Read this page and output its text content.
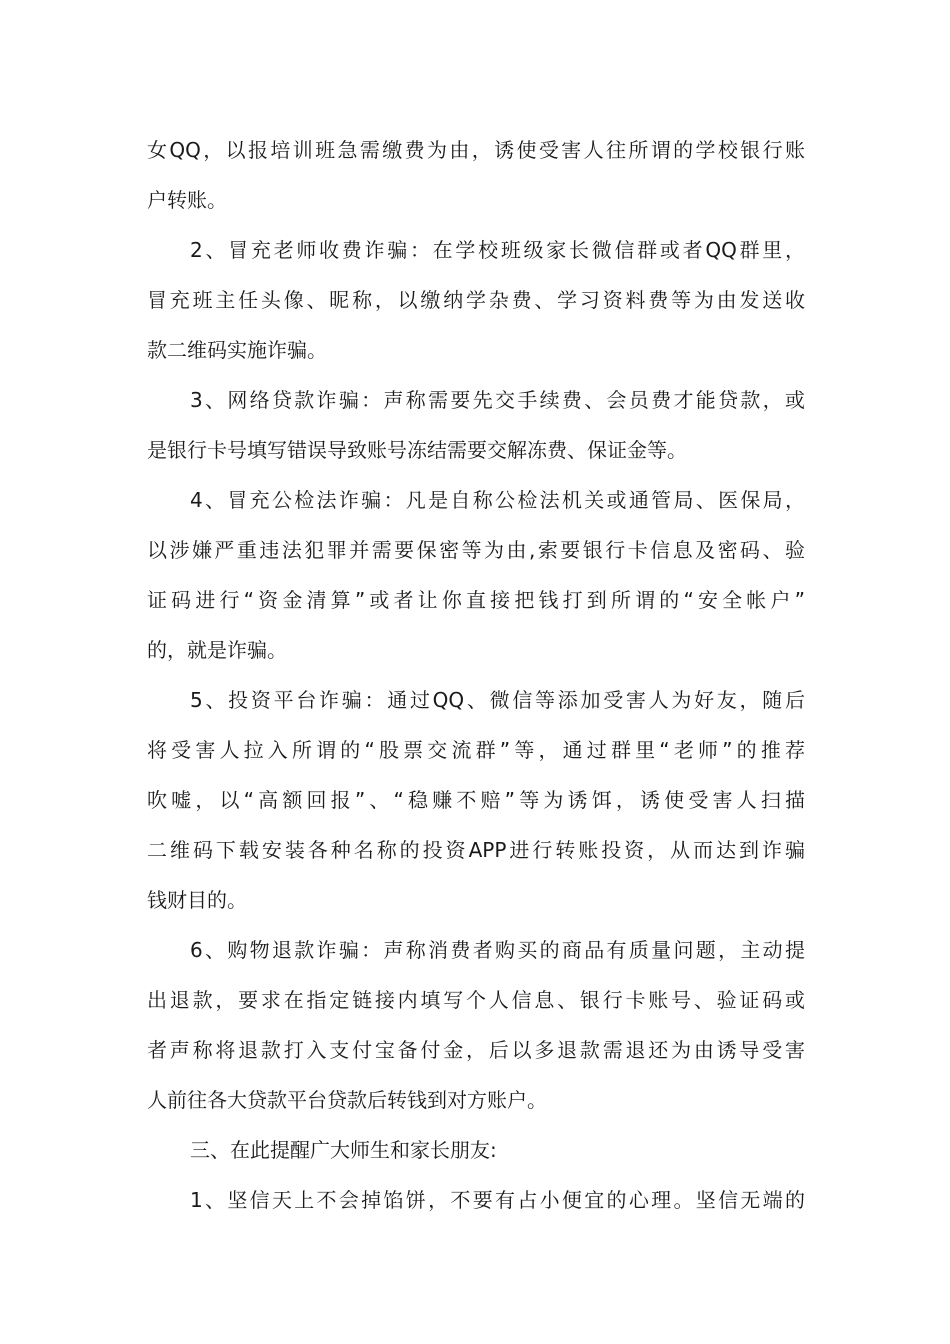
女QQ，以报培训班急需缴费为由，诱使受害人往所谓的学校银行账
户转账。
2、冒充老师收费诈骗：在学校班级家长微信群或者QQ群里，
冒充班主任头像、昵称，以缴纳学杂费、学习资料费等为由发送收
款二维码实施诈骗。
3、网络贷款诈骗：声称需要先交手续费、会员费才能贷款，或
是银行卡号填写错误导致账号冻结需要交解冻费、保证金等。
4、冒充公检法诈骗：凡是自称公检法机关或通管局、医保局，
以涉嫌严重违法犯罪并需要保密等为由,索要银行卡信息及密码、验
证码进行“资金清算”或者让你直接把钱打到所谓的“安全帐户”
的，就是诈骗。
5、投资平台诈骗：通过QQ、微信等添加受害人为好友，随后
将受害人拉入所谓的“股票交流群”等，通过群里“老师”的推荐
吹嘘，以“高额回报”、“稳赚不赔”等为诱饵，诱使受害人扫描
二维码下载安装各种名称的投资APP进行转账投资，从而达到诈骗
钱财目的。
6、购物退款诈骗：声称消费者购买的商品有质量问题，主动提
出退款，要求在指定链接内填写个人信息、银行卡账号、验证码或
者声称将退款打入支付宝备付金，后以多退款需退还为由诱导受害
人前往各大贷款平台贷款后转钱到对方账户。
三、在此提醒广大师生和家长朋友:
1、坚信天上不会掉馅饼，不要有占小便宜的心理。坚信无端的
